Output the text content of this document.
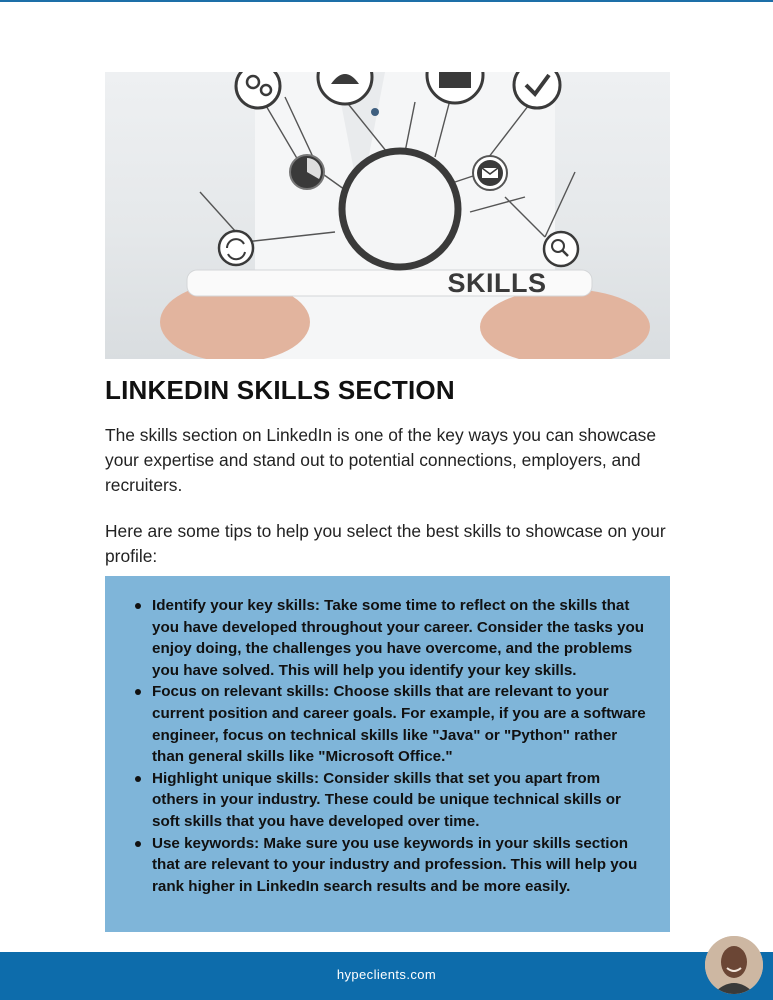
SKILLS
LINKEDIN SKILLS SECTION

The skills section on LinkedIn is one of the key ways you can showcase your expertise and stand out to potential connections, employers, and recruiters.

Here are some tips to help you select the best skills to showcase on your profile:

Identify your key skills: Take some time to reflect on the skills that you have developed throughout your career. Consider the tasks you enjoy doing, the challenges you have overcome, and the problems you have solved. This will help you identify your key skills.
Focus on relevant skills: Choose skills that are relevant to your current position and career goals. For example, if you are a software engineer, focus on technical skills like "Java" or "Python" rather than general skills like "Microsoft Office."
Highlight unique skills: Consider skills that set you apart from others in your industry. These could be unique technical skills or soft skills that you have developed over time.
Use keywords: Make sure you use keywords in your skills section that are relevant to your industry and profession. This will help you rank higher in LinkedIn search results and be more easily.
hypeclients.com
